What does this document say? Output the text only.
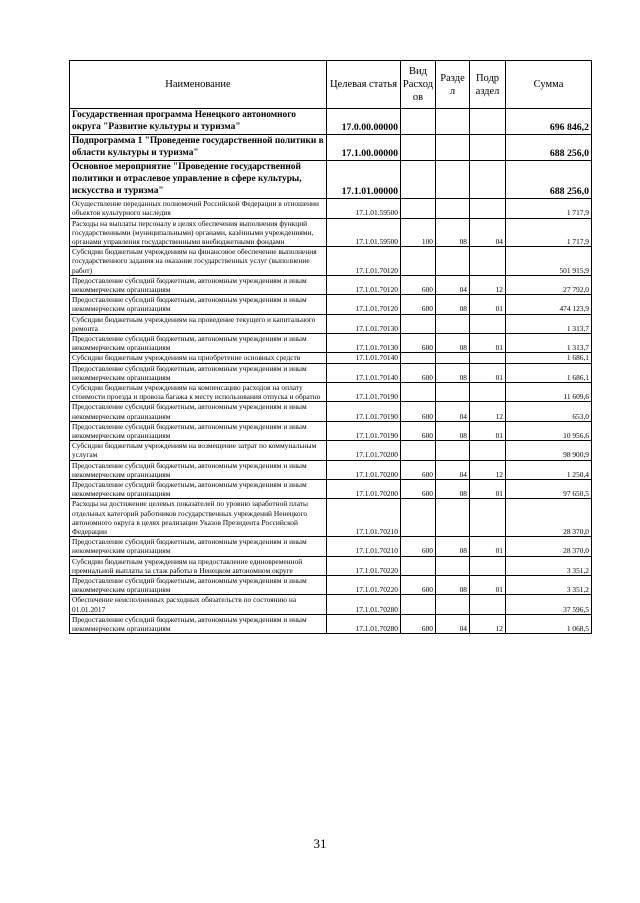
Наименование	Целевая статья	Вид Расход ов	Разде л	Подр аздел	Сумма
Государственная программа Ненецкого автономного округа "Развитие культуры и туризма"	17.0.00.00000				696 846,2
Подпрограмма 1 "Проведение государственной политики в области культуры и туризма"	17.1.00.00000				688 256,0
Основное мероприятие "Проведение государственной политики и отраслевое управление в сфере культуры, искусства и туризма"	17.1.01.00000				688 256,0
Осуществление переданных полномочий Российской Федерации в отношении объектов культурного наследия	17.1.01.59500				1 717,9
Расходы на выплаты персоналу в целях обеспечения выполнения функций государственными (муниципальными) органами, казёнными учреждениями, органами управления государственными внебюджетными фондами	17.1.01.59500	100	08	04	1 717,9
Субсидии бюджетным учреждениям на финансовое обеспечение выполнения государственного задания на оказание государственных услуг (выполнение работ)	17.1.01.70120				501 915,9
Предоставление субсидий бюджетным, автономным учреждениям и иным некоммерческим организациям	17.1.01.70120	600	04	12	27 792,0
Предоставление субсидий бюджетным, автономным учреждениям и иным некоммерческим организациям	17.1.01.70120	600	08	01	474 123,9
Субсидии бюджетным учреждениям на проведение текущего и капитального ремонта	17.1.01.70130				1 313,7
Предоставление субсидий бюджетным, автономным учреждениям и иным некоммерческим организациям	17.1.01.70130	600	08	01	1 313,7
Субсидии бюджетным учреждениям на приобретение основных средств	17.1.01.70140				1 686,1
Предоставление субсидий бюджетным, автономным учреждениям и иным некоммерческим организациям	17.1.01.70140	600	08	01	1 686,1
Субсидии бюджетным учреждениям на компенсацию расходов на оплату стоимости проезда и провоза багажа к месту использования отпуска и обратно	17.1.01.70190				11 609,6
Предоставление субсидий бюджетным, автономным учреждениям и иным некоммерческим организациям	17.1.01.70190	600	04	12	653,0
Предоставление субсидий бюджетным, автономным учреждениям и иным некоммерческим организациям	17.1.01.70190	600	08	01	10 956,6
Субсидии бюджетным учреждениям на возмещение затрат по коммунальным услугам	17.1.01.70200				98 900,9
Предоставление субсидий бюджетным, автономным учреждениям и иным некоммерческим организациям	17.1.01.70200	600	04	12	1 250,4
Предоставление субсидий бюджетным, автономным учреждениям и иным некоммерческим организациям	17.1.01.70200	600	08	01	97 650,5
Расходы на достижение целевых показателей по уровню заработной платы отдельных категорий работников государственных учреждений Ненецкого автономного округа в целях реализации Указов Президента Российской Федерации	17.1.01.70210				28 370,0
Предоставление субсидий бюджетным, автономным учреждениям и иным некоммерческим организациям	17.1.01.70210	600	08	01	28 370,0
Субсидии бюджетным учреждениям на предоставление единовременной премиальной выплаты за стаж работы в Ненецком автономном округе	17.1.01.70220				3 351,2
Предоставление субсидий бюджетным, автономным учреждениям и иным некоммерческим организациям	17.1.01.70220	600	08	01	3 351,2
Обеспечение неисполненных расходных обязательств по состоянию на 01.01.2017	17.1.01.70280				37 596,5
Предоставление субсидий бюджетным, автономным учреждениям и иным некоммерческим организациям	17.1.01.70280	600	04	12	1 068,5
31
